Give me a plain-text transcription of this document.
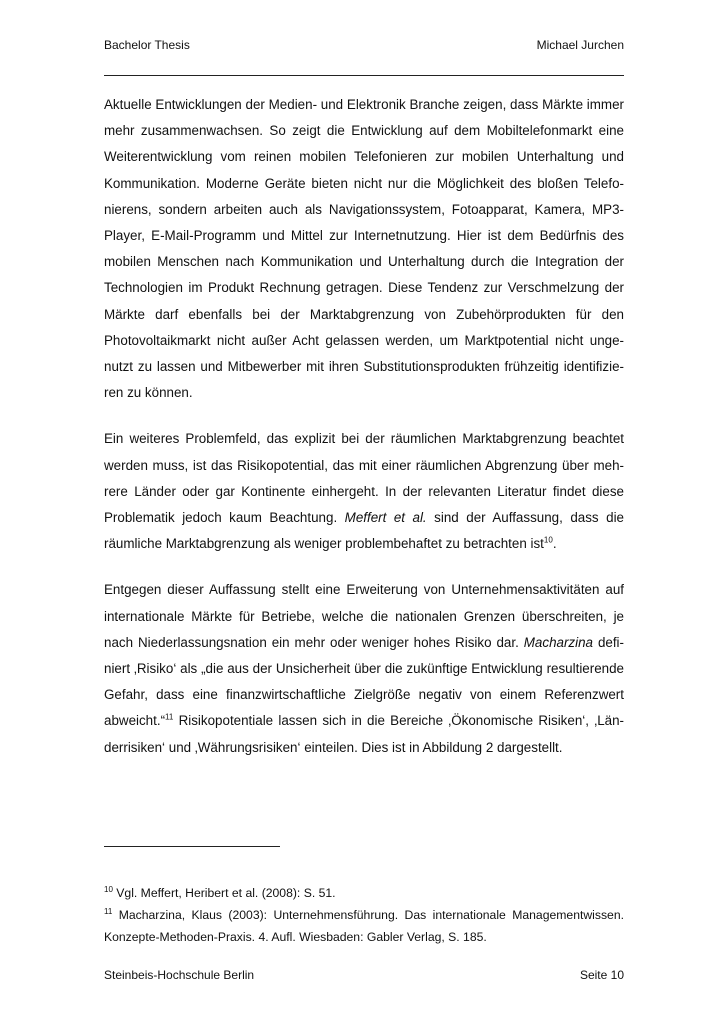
Bachelor Thesis	Michael Jurchen

Aktuelle Entwicklungen der Medien- und Elektronik Branche zeigen, dass Märkte immer mehr zusammenwachsen. So zeigt die Entwicklung auf dem Mobiltelefonmarkt eine Weiterentwicklung vom reinen mobilen Telefonieren zur mobilen Unterhaltung und Kommunikation. Moderne Geräte bieten nicht nur die Möglichkeit des bloßen Telefonierens, sondern arbeiten auch als Navigationssystem, Fotoapparat, Kamera, MP3-Player, E-Mail-Programm und Mittel zur Internetnutzung. Hier ist dem Bedürfnis des mobilen Menschen nach Kommunikation und Unterhaltung durch die Integration der Technologien im Produkt Rechnung getragen. Diese Tendenz zur Verschmelzung der Märkte darf ebenfalls bei der Marktabgrenzung von Zubehörprodukten für den Photovoltaikmarkt nicht außer Acht gelassen werden, um Marktpotential nicht ungenutzt zu lassen und Mitbewerber mit ihren Substitutionsprodukten frühzeitig identifizieren zu können.

Ein weiteres Problemfeld, das explizit bei der räumlichen Marktabgrenzung beachtet werden muss, ist das Risikopotential, das mit einer räumlichen Abgrenzung über mehrere Länder oder gar Kontinente einhergeht. In der relevanten Literatur findet diese Problematik jedoch kaum Beachtung. Meffert et al. sind der Auffassung, dass die räumliche Marktabgrenzung als weniger problembehaftet zu betrachten ist$^{10}$.

Entgegen dieser Auffassung stellt eine Erweiterung von Unternehmensaktivitäten auf internationale Märkte für Betriebe, welche die nationalen Grenzen überschreiten, je nach Niederlassungsnation ein mehr oder weniger hohes Risiko dar. Macharzina definiert ‚Risiko‘ als „die aus der Unsicherheit über die zukünftige Entwicklung resultierende Gefahr, dass eine finanzwirtschaftliche Zielgröße negativ von einem Referenzwert abweicht.“$^{11}$ Risikopotentiale lassen sich in die Bereiche ‚Ökonomische Risiken‘, ‚Länderrisiken‘ und ‚Währungsrisiken‘ einteilen. Dies ist in Abbildung 2 dargestellt.

$^{10}$ Vgl. Meffert, Heribert et al. (2008): S. 51.

$^{11}$ Macharzina, Klaus (2003): Unternehmensführung. Das internationale Managementwissen. Konzepte-Methoden-Praxis. 4. Aufl. Wiesbaden: Gabler Verlag, S. 185.

Steinbeis-Hochschule Berlin	Seite 10
